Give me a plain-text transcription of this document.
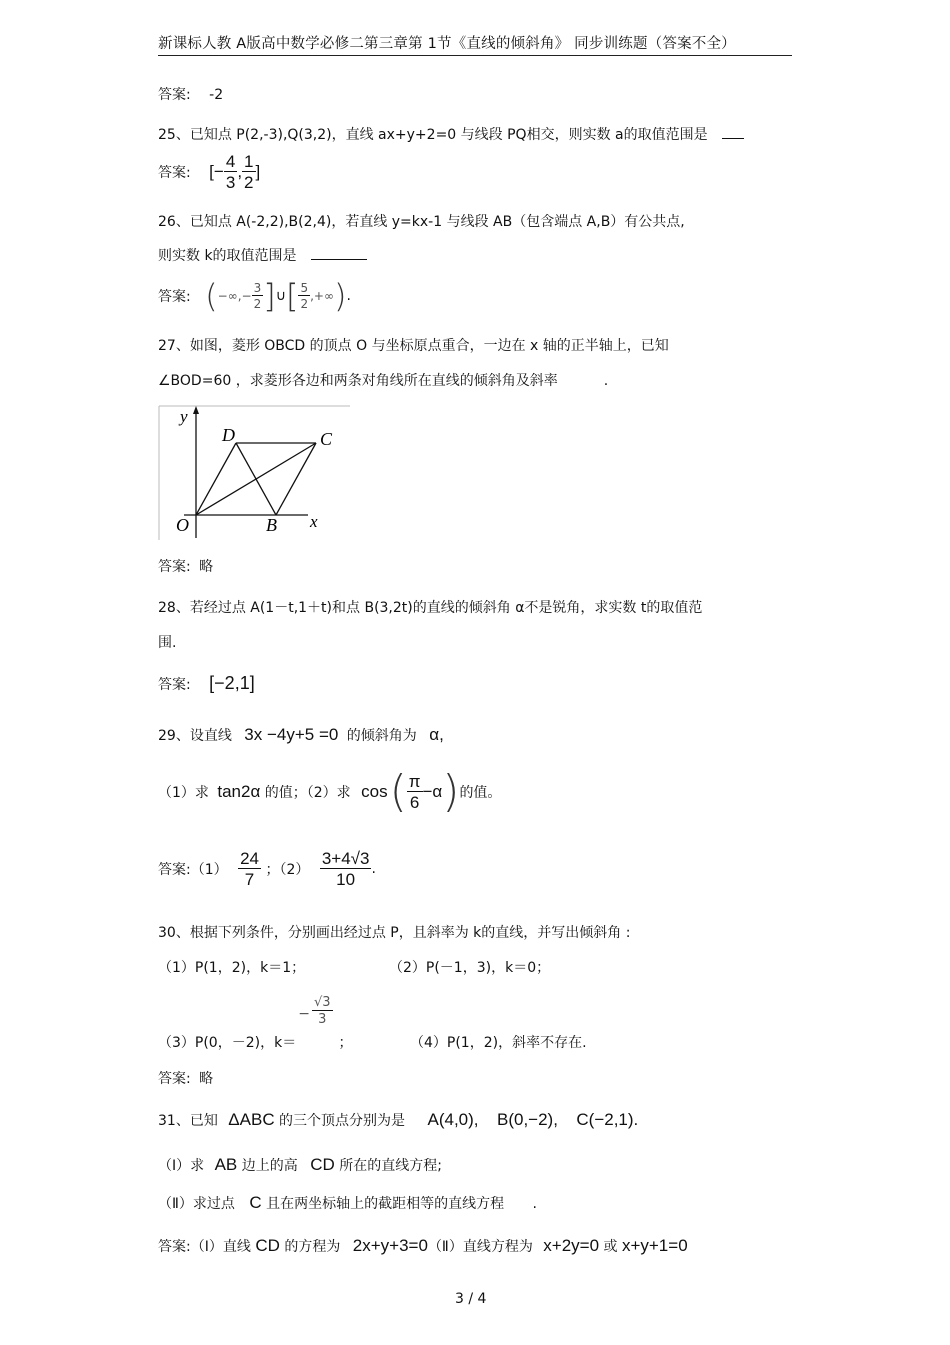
新课标人教 A版高中数学必修二第三章第 1节《直线的倾斜角》 同步训练题（答案不全）
答案: -2
25、已知点 P(2,-3),Q(3,2)，直线 ax+y+2=0 与线段 PQ相交，则实数 a的取值范围是
答案: [− $\frac{4}{3}$ , $\frac{1}{2}$ ]
26、已知点 A(-2,2),B(2,4)，若直线 y=kx-1 与线段 AB（包含端点 A,B）有公共点,
则实数 k的取值范围是
答案: (−∞,− $\frac{3}{2}$ ]∪[ $\frac{5}{2}$ ,+∞).
27、如图，菱形 OBCD 的顶点 O 与坐标原点重合，一边在 x 轴的正半轴上，已知
∠BOD=60 ，求菱形各边和两条对角线所在直线的倾斜角及斜率	.
y
x
O	B
C
D
答案: 略
28、若经过点 A(1－t,1＋t)和点 B(3,2t)的直线的倾斜角 α不是锐角，求实数 t的取值范
围.
答案: [−2,1]
29、设直线 3x −4y+5 =0 的倾斜角为 α,
（1）求 tan2α 的值；（2）求 $\cos( \frac{\pi}{6} -\alpha)$的值。
答案:（1） $\frac{24}{7}$ ；$(2) \frac{3+4√3}{10}$ .
30、根据下列条件，分别画出经过点 P，且斜率为 k的直线，并写出倾斜角 :
（1）P(1，2)，k＝1；	（2）P(－1，3)，k＝0；
（3）P(0，－2)，$k=- \frac{√3}{3}$
；	（4）P(1，2)，斜率不存在.
答案: 略
31、已知 ΔABC 的三个顶点分别为是 A(4,0), B(0,−2), C(−2,1).
（Ⅰ）求 AB 边上的高 CD 所在的直线方程;
（Ⅱ）求过点 C 且在两坐标轴上的截距相等的直线方程 .
答案:（Ⅰ）直线 CD 的方程为 2x+y+3=0（Ⅱ）直线方程为 x+2y=0 或 x+y+1=0
3 / 4
